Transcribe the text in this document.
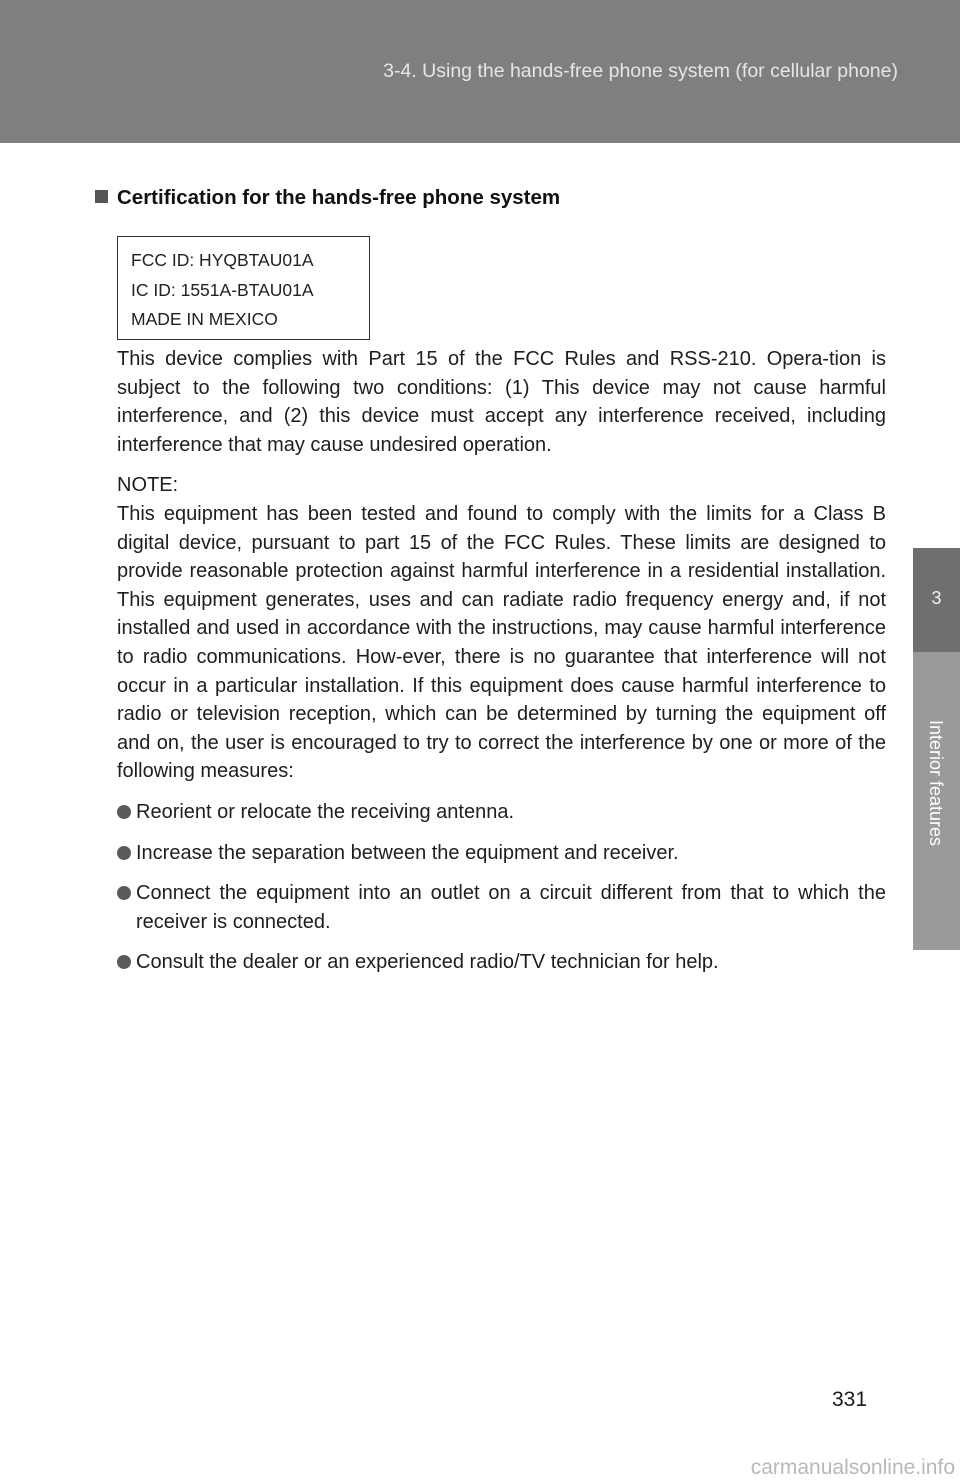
3-4. Using the hands-free phone system (for cellular phone)
3
Certification for the hands-free phone system
FCC ID: HYQBTAU01A
IC ID: 1551A-BTAU01A
MADE IN MEXICO

This device complies with Part 15 of the FCC Rules and RSS-210. Opera-tion is subject to the following two conditions: (1) This device may not cause harmful interference, and (2) this device must accept any interference received, including interference that may cause undesired operation.

NOTE:
This equipment has been tested and found to comply with the limits for a Class B digital device, pursuant to part 15 of the FCC Rules. These limits are designed to provide reasonable protection against harmful interference in a residential installation. This equipment generates, uses and can radiate radio frequency energy and, if not installed and used in accordance with the instructions, may cause harmful interference to radio communications. How-ever, there is no guarantee that interference will not occur in a particular installation. If this equipment does cause harmful interference to radio or television reception, which can be determined by turning the equipment off and on, the user is encouraged to try to correct the interference by one or more of the following measures:

Reorient or relocate the receiving antenna.
Increase the separation between the equipment and receiver.
Connect the equipment into an outlet on a circuit different from that to which the receiver is connected.
Consult the dealer or an experienced radio/TV technician for help.
331
carmanualsonline.info
